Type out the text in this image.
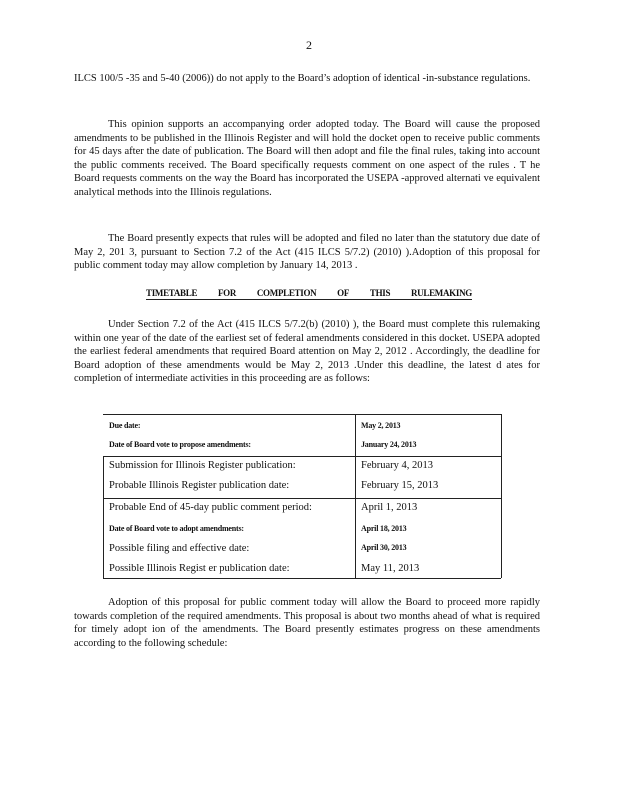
2

ILCS 100/5 -35 and 5-40 (2006)) do not apply to the Board’s adoption of identical -in-substance regulations.

This opinion supports an accompanying order adopted today. The Board will cause the proposed amendments to be published in the Illinois Register and will hold the docket open to receive public comments for 45 days after the date of publication. The Board will then adopt and file the final rules, taking into account the public comments received. The Board specifically requests comment on one aspect of the rules . T he Board requests comments on the way the Board has incorporated the USEPA -approved alternati ve equivalent analytical methods into the Illinois regulations.

The Board presently expects that rules will be adopted and filed no later than the statutory due date of May 2, 201 3, pursuant to Section 7.2 of the Act (415 ILCS 5/7.2) (2010) ).Adoption of this proposal for public comment today may allow completion by January 14, 2013 .

TIMETABLE FOR COMPLETION OF THIS RULEMAKING

Under Section 7.2 of the Act (415 ILCS 5/7.2(b) (2010) ), the Board must complete this rulemaking within one year of the date of the earliest set of federal amendments considered in this docket. USEPA adopted the earliest federal amendments that required Board attention on May 2, 2012 . Accordingly, the deadline for Board adoption of these amendments would be May 2, 2013 .Under this deadline, the latest d ates for completion of intermediate activities in this proceeding are as follows:

Due date:	May 2, 2013
Date of Board vote to propose amendments:	January 24, 2013
Submission for Illinois Register publication:	February 4, 2013
Probable Illinois Register publication date:	February 15, 2013
Probable End of 45-day public comment period:	April 1, 2013
Date of Board vote to adopt amendments:	April 18, 2013
Possible filing and effective date:	April 30, 2013
Possible Illinois Regist er publication date:	May 11, 2013

Adoption of this proposal for public comment today will allow the Board to proceed more rapidly towards completion of the required amendments. This proposal is about two months ahead of what is required for timely adopt ion of the amendments. The Board presently estimates progress on these amendments according to the following schedule:
